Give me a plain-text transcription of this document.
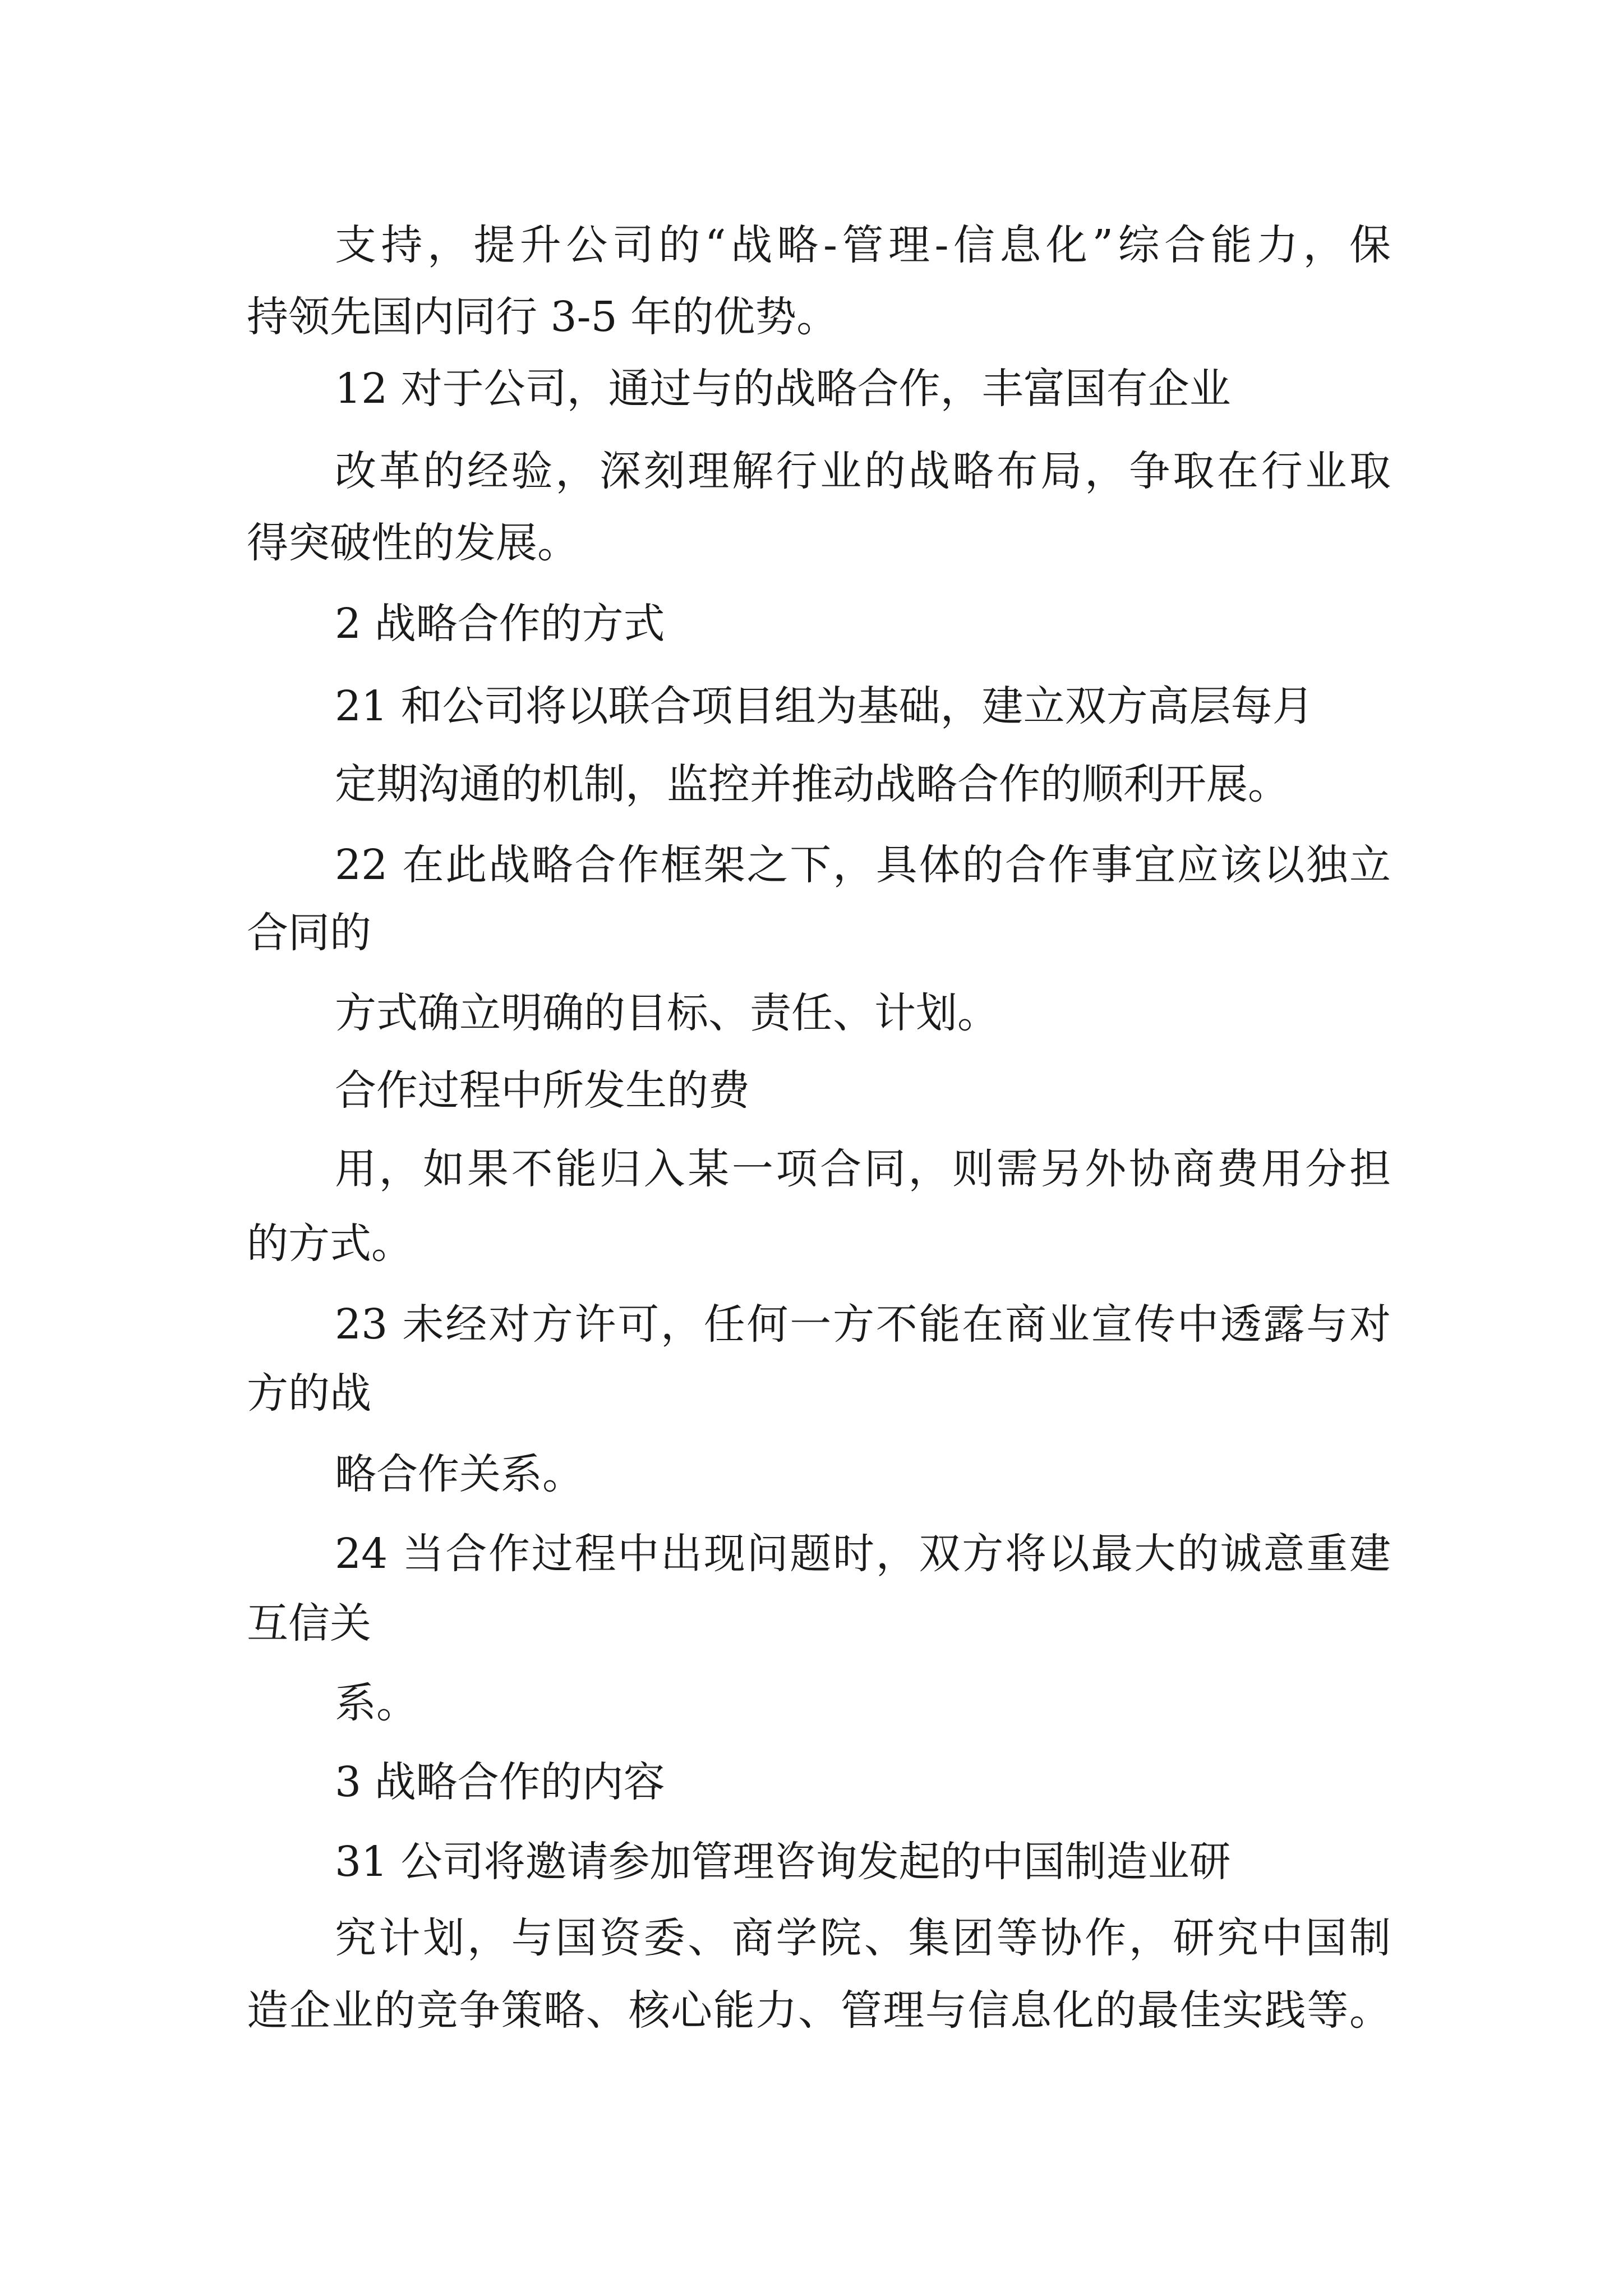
支持，提升公司的“战略-管理-信息化”综合能力，保
持领先国内同行 3-5 年的优势。
12 对于公司，通过与的战略合作，丰富国有企业
改革的经验，深刻理解行业的战略布局，争取在行业取
得突破性的发展。
2 战略合作的方式
21 和公司将以联合项目组为基础，建立双方高层每月
定期沟通的机制，监控并推动战略合作的顺利开展。
22 在此战略合作框架之下，具体的合作事宜应该以独立
合同的
方式确立明确的目标、责任、计划。
合作过程中所发生的费
用，如果不能归入某一项合同，则需另外协商费用分担
的方式。
23 未经对方许可，任何一方不能在商业宣传中透露与对
方的战
略合作关系。
24 当合作过程中出现问题时，双方将以最大的诚意重建
互信关
系。
3 战略合作的内容
31 公司将邀请参加管理咨询发起的中国制造业研
究计划，与国资委、商学院、集团等协作，研究中国制
造企业的竞争策略、核心能力、管理与信息化的最佳实践等。
